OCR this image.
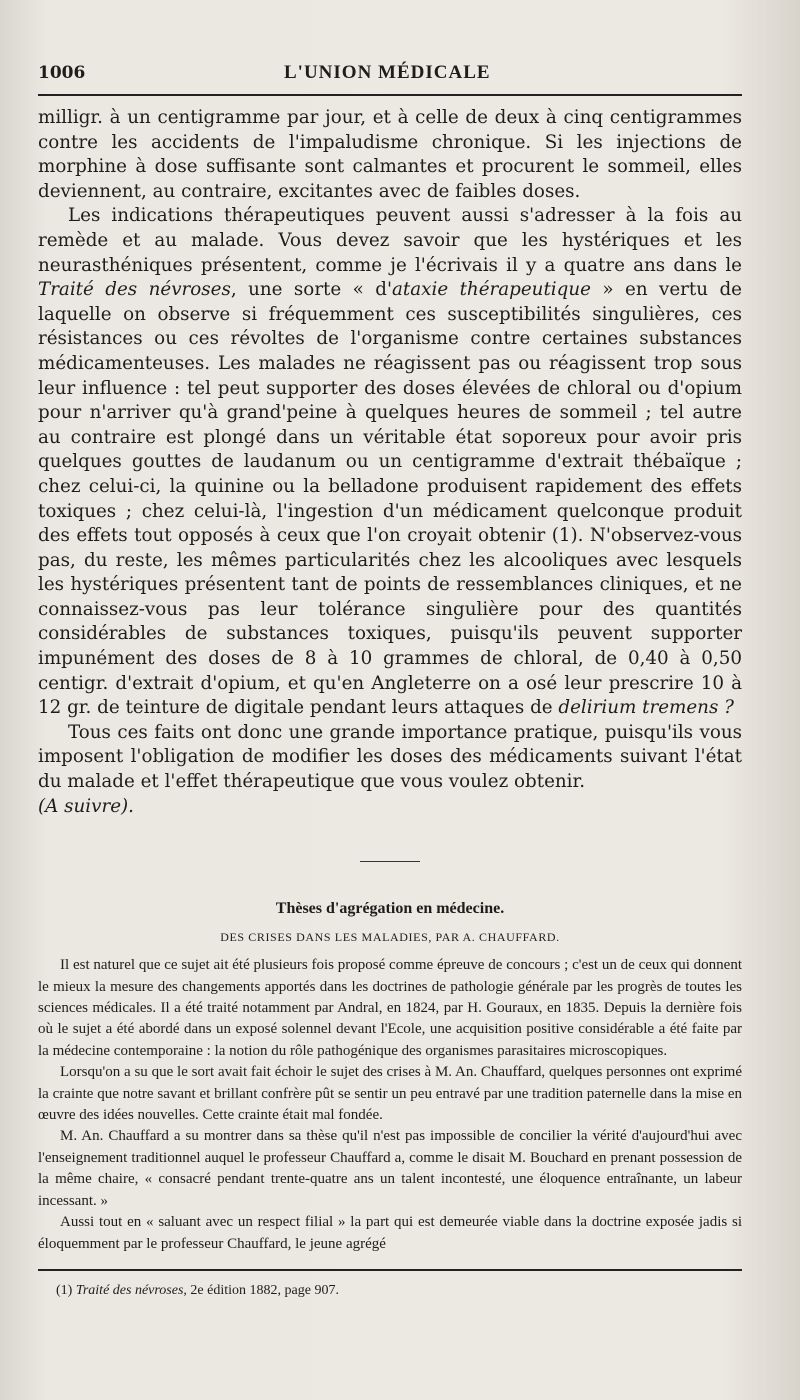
1006	L'UNION MÉDICALE

milligr. à un centigramme par jour, et à celle de deux à cinq centigrammes contre les accidents de l'impaludisme chronique. Si les injections de morphine à dose suffisante sont calmantes et procurent le sommeil, elles deviennent, au contraire, excitantes avec de faibles doses.

Les indications thérapeutiques peuvent aussi s'adresser à la fois au remède et au malade. Vous devez savoir que les hystériques et les neurasthéniques présentent, comme je l'écrivais il y a quatre ans dans le Traité des névroses, une sorte « d'ataxie thérapeutique » en vertu de laquelle on observe si fréquemment ces susceptibilités singulières, ces résistances ou ces révoltes de l'organisme contre certaines substances médicamenteuses. Les malades ne réagissent pas ou réagissent trop sous leur influence : tel peut supporter des doses élevées de chloral ou d'opium pour n'arriver qu'à grand'peine à quelques heures de sommeil ; tel autre au contraire est plongé dans un véritable état soporeux pour avoir pris quelques gouttes de laudanum ou un centigramme d'extrait thébaïque ; chez celui-ci, la quinine ou la belladone produisent rapidement des effets toxiques ; chez celui-là, l'ingestion d'un médicament quelconque produit des effets tout opposés à ceux que l'on croyait obtenir (1). N'observez-vous pas, du reste, les mêmes particularités chez les alcooliques avec lesquels les hystériques présentent tant de points de ressemblances cliniques, et ne connaissez-vous pas leur tolérance singulière pour des quantités considérables de substances toxiques, puisqu'ils peuvent supporter impunément des doses de 8 à 10 grammes de chloral, de 0,40 à 0,50 centigr. d'extrait d'opium, et qu'en Angleterre on a osé leur prescrire 10 à 12 gr. de teinture de digitale pendant leurs attaques de delirium tremens ?

Tous ces faits ont donc une grande importance pratique, puisqu'ils vous imposent l'obligation de modifier les doses des médicaments suivant l'état du malade et l'effet thérapeutique que vous voulez obtenir.

(A suivre).

Thèses d'agrégation en médecine.

DES CRISES DANS LES MALADIES, PAR A. CHAUFFARD.

Il est naturel que ce sujet ait été plusieurs fois proposé comme épreuve de concours ; c'est un de ceux qui donnent le mieux la mesure des changements apportés dans les doctrines de pathologie générale par les progrès de toutes les sciences médicales. Il a été traité notamment par Andral, en 1824, par H. Gouraux, en 1835. Depuis la dernière fois où le sujet a été abordé dans un exposé solennel devant l'Ecole, une acquisition positive considérable a été faite par la médecine contemporaine : la notion du rôle pathogénique des organismes parasitaires microscopiques.

Lorsqu'on a su que le sort avait fait échoir le sujet des crises à M. An. Chauffard, quelques personnes ont exprimé la crainte que notre savant et brillant confrère pût se sentir un peu entravé par une tradition paternelle dans la mise en œuvre des idées nouvelles. Cette crainte était mal fondée.

M. An. Chauffard a su montrer dans sa thèse qu'il n'est pas impossible de concilier la vérité d'aujourd'hui avec l'enseignement traditionnel auquel le professeur Chauffard a, comme le disait M. Bouchard en prenant possession de la même chaire, « consacré pendant trente-quatre ans un talent incontesté, une éloquence entraînante, un labeur incessant. »

Aussi tout en « saluant avec un respect filial » la part qui est demeurée viable dans la doctrine exposée jadis si éloquemment par le professeur Chauffard, le jeune agrégé

(1) Traité des névroses, 2e édition 1882, page 907.
